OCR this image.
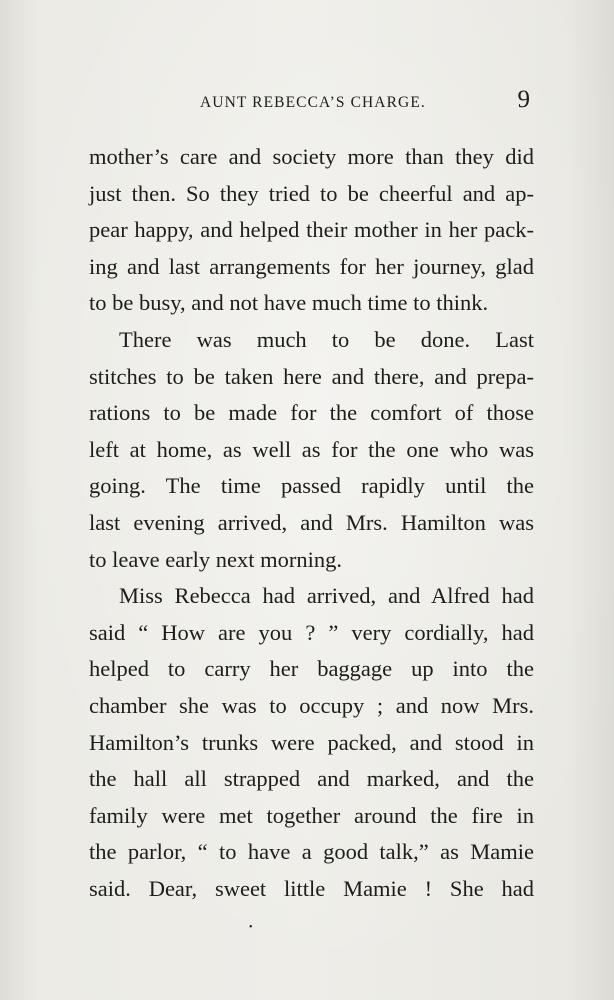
AUNT REBECCA’S CHARGE.	9
mother’s care and society more than they did
just then. So they tried to be cheerful and ap-
pear happy, and helped their mother in her pack-
ing and last arrangements for her journey, glad
to be busy, and not have much time to think.
There was much to be done. Last
stitches to be taken here and there, and prepa-
rations to be made for the comfort of those
left at home, as well as for the one who was
going. The time passed rapidly until the
last evening arrived, and Mrs. Hamilton was
to leave early next morning.
Miss Rebecca had arrived, and Alfred had
said “ How are you ? ” very cordially, had
helped to carry her baggage up into the
chamber she was to occupy ; and now Mrs.
Hamilton’s trunks were packed, and stood in
the hall all strapped and marked, and the
family were met together around the fire in
the parlor, “ to have a good talk,” as Mamie
said. Dear, sweet little Mamie ! She had
•
